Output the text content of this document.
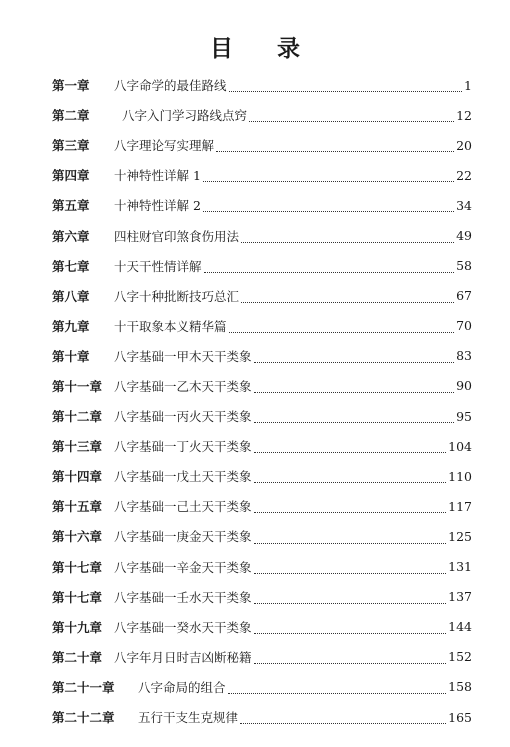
目 录
第一章	八字命学的最佳路线	1
第二章	八字入门学习路线点窍	12
第三章	八字理论写实理解	20
第四章	十神特性详解 1	22
第五章	十神特性详解 2	34
第六章	四柱财官印煞食伤用法	49
第七章	十天干性情详解	58
第八章	八字十种批断技巧总汇	67
第九章	十干取象本义精华篇	70
第十章	八字基础一甲木天干类象	83
第十一章 八字基础一乙木天干类象	90
第十二章 八字基础一丙火天干类象	95
第十三章 八字基础一丁火天干类象	104
第十四章 八字基础一戊土天干类象	110
第十五章 八字基础一己土天干类象	117
第十六章 八字基础一庚金天干类象	125
第十七章 八字基础一辛金天干类象	131
第十七章 八字基础一壬水天干类象	137
第十九章 八字基础一癸水天干类象	144
第二十章 八字年月日时吉凶断秘籍	152
第二十一章	八字命局的组合	158
第二十二章	五行干支生克规律	165
